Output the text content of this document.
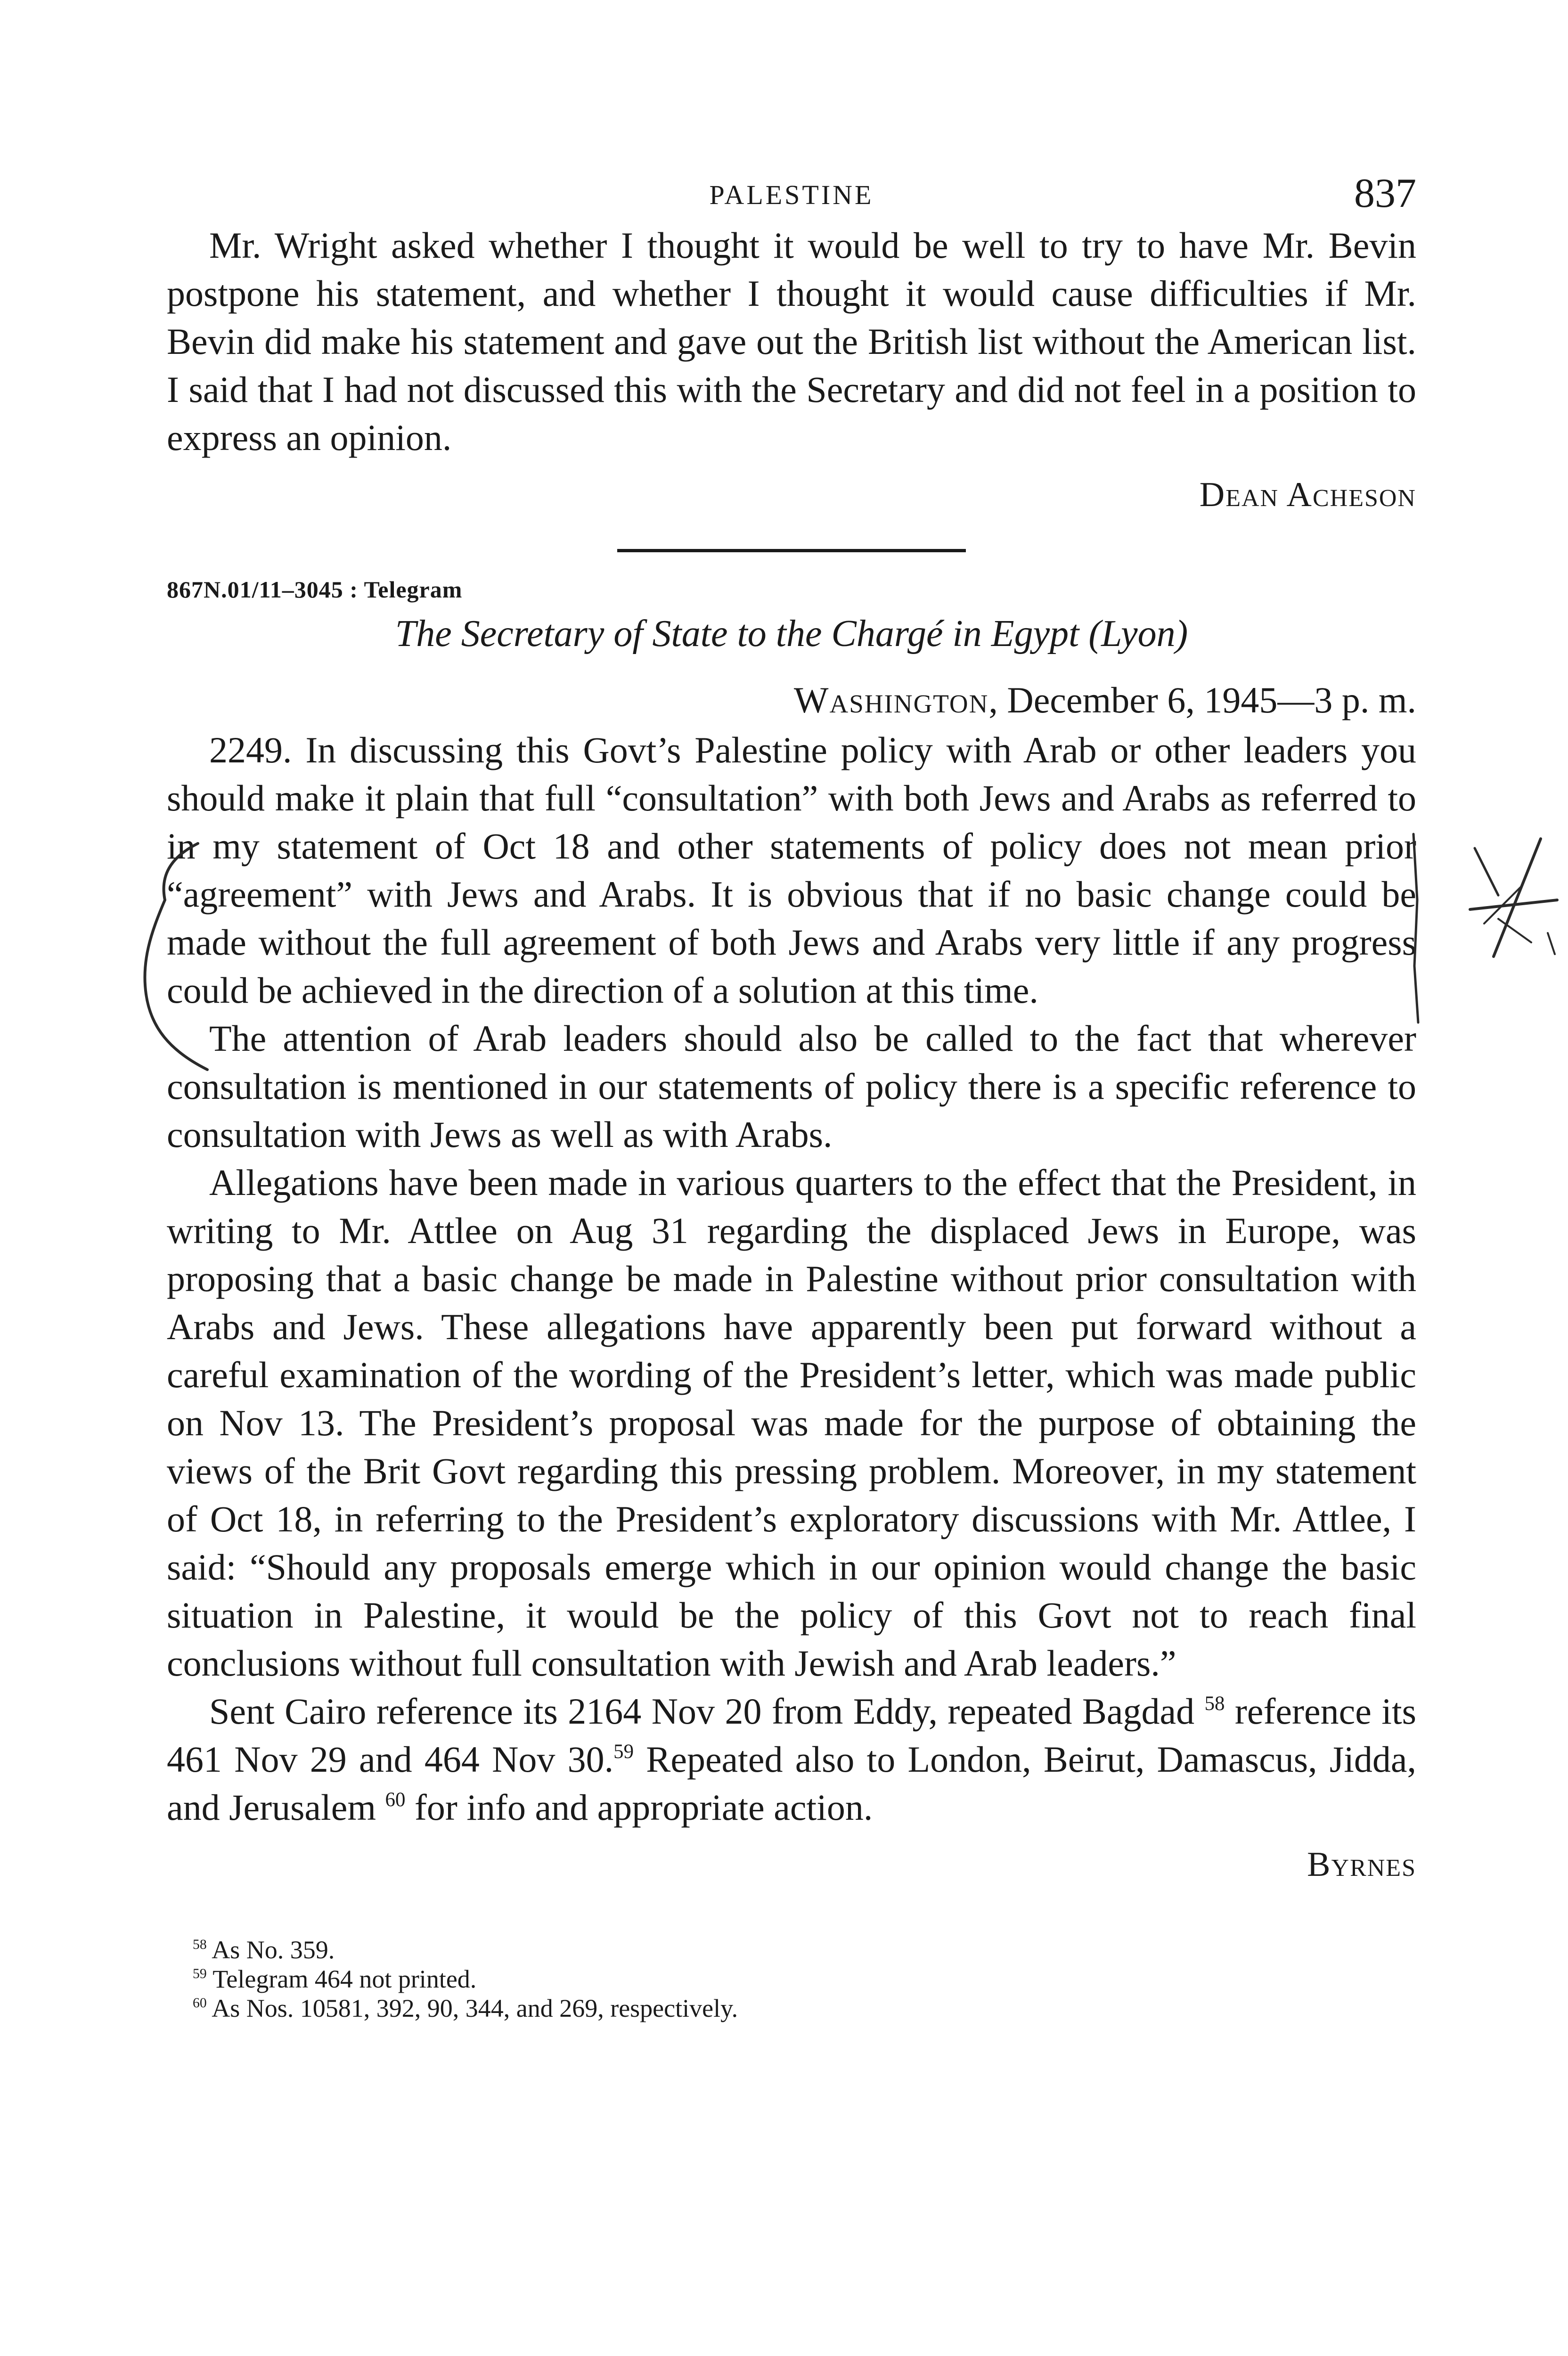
PALESTINE	837

Mr. Wright asked whether I thought it would be well to try to have Mr. Bevin postpone his statement, and whether I thought it would cause difficulties if Mr. Bevin did make his statement and gave out the British list without the American list. I said that I had not discussed this with the Secretary and did not feel in a position to express an opinion.

Dean Acheson
867N.01/11–3045 : Telegram
The Secretary of State to the Chargé in Egypt (Lyon)
Washington, December 6, 1945—3 p. m.

2249. In discussing this Govt’s Palestine policy with Arab or other leaders you should make it plain that full “consultation” with both Jews and Arabs as referred to in my statement of Oct 18 and other statements of policy does not mean prior “agreement” with Jews and Arabs. It is obvious that if no basic change could be made without the full agreement of both Jews and Arabs very little if any progress could be achieved in the direction of a solution at this time.

The attention of Arab leaders should also be called to the fact that wherever consultation is mentioned in our statements of policy there is a specific reference to consultation with Jews as well as with Arabs.

Allegations have been made in various quarters to the effect that the President, in writing to Mr. Attlee on Aug 31 regarding the displaced Jews in Europe, was proposing that a basic change be made in Palestine without prior consultation with Arabs and Jews. These allegations have apparently been put forward without a careful examination of the wording of the President’s letter, which was made public on Nov 13. The President’s proposal was made for the purpose of obtaining the views of the Brit Govt regarding this pressing problem. Moreover, in my statement of Oct 18, in referring to the President’s exploratory discussions with Mr. Attlee, I said: “Should any proposals emerge which in our opinion would change the basic situation in Palestine, it would be the policy of this Govt not to reach final conclusions without full consultation with Jewish and Arab leaders.”

Sent Cairo reference its 2164 Nov 20 from Eddy, repeated Bagdad $^{58}$ reference its 461 Nov 29 and 464 Nov 30.59 Repeated also to London, Beirut, Damascus, Jidda, and Jerusalem $^{60}$ for info and appropriate action.

Byrnes
$^{58}$ As No. 359.
$^{59}$ Telegram 464 not printed.
$^{60}$ As Nos. 10581, 392, 90, 344, and 269, respectively.
